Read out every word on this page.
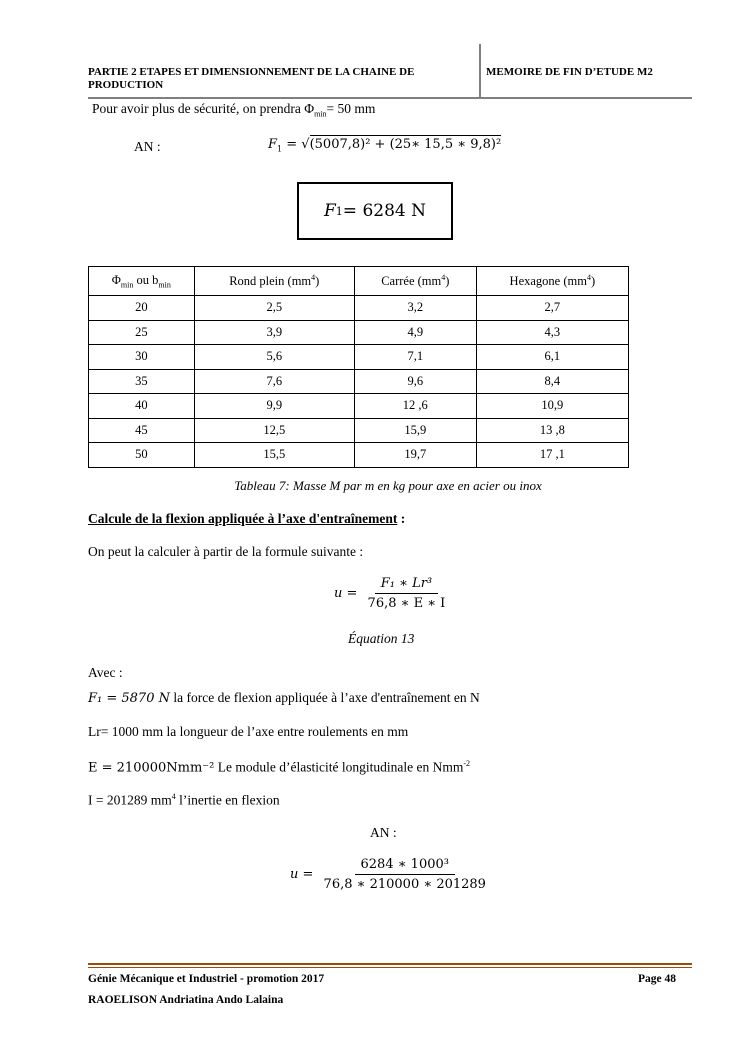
PARTIE 2 ETAPES ET DIMENSIONNEMENT DE LA CHAINE DE PRODUCTION
MEMOIRE DE FIN D’ETUDE M2
Pour avoir plus de sécurité, on prendra $\Phi_{min}= 50$ mm
AN :	$F_1 = √(5007,8)^2$ + (25∗ 15,5 ∗ 9,8)²
F 1 = 6284 N
$\Phi_{min}$ ou $b_{min}$	Rond plein $(mm^4)$	Carrée $(mm^4)$	Hexagone $(mm^4)$
20	2,5	3,2	2,7
25	3,9	4,9	4,3
30	5,6	7,1	6,1
35	7,6	9,6	8,4
40	9,9	12 ,6	10,9
45	12,5	15,9	13 ,8
50	15,5	19,7	17 ,1
Tableau 7: Masse M par m en kg pour axe en acier ou inox
Calcule de la flexion appliquée à l’axe d'entraînement :
On peut la calculer à partir de la formule suivante :
$u = \frac{\text{F₁ ∗ Lr³}}{76,8 ∗ E ∗ I}$
Équation 13
Avec :
F₁ = 5870 N la force de flexion appliquée à l’axe d'entraînement en N
Lr= 1000 mm la longueur de l’axe entre roulements en mm
E = 210000Nmm⁻² Le module d’élasticité longitudinale en Nmm$^{-2}$
I = 201289 $mm^4$ l’inertie en flexion
AN :
$u = \frac{\text{6284 ∗ 1000³}}{76,8 ∗ 210000 ∗ 201289}$
Génie Mécanique et Industriel - promotion 2017	Page 48
RAOELISON Andriatina Ando Lalaina
